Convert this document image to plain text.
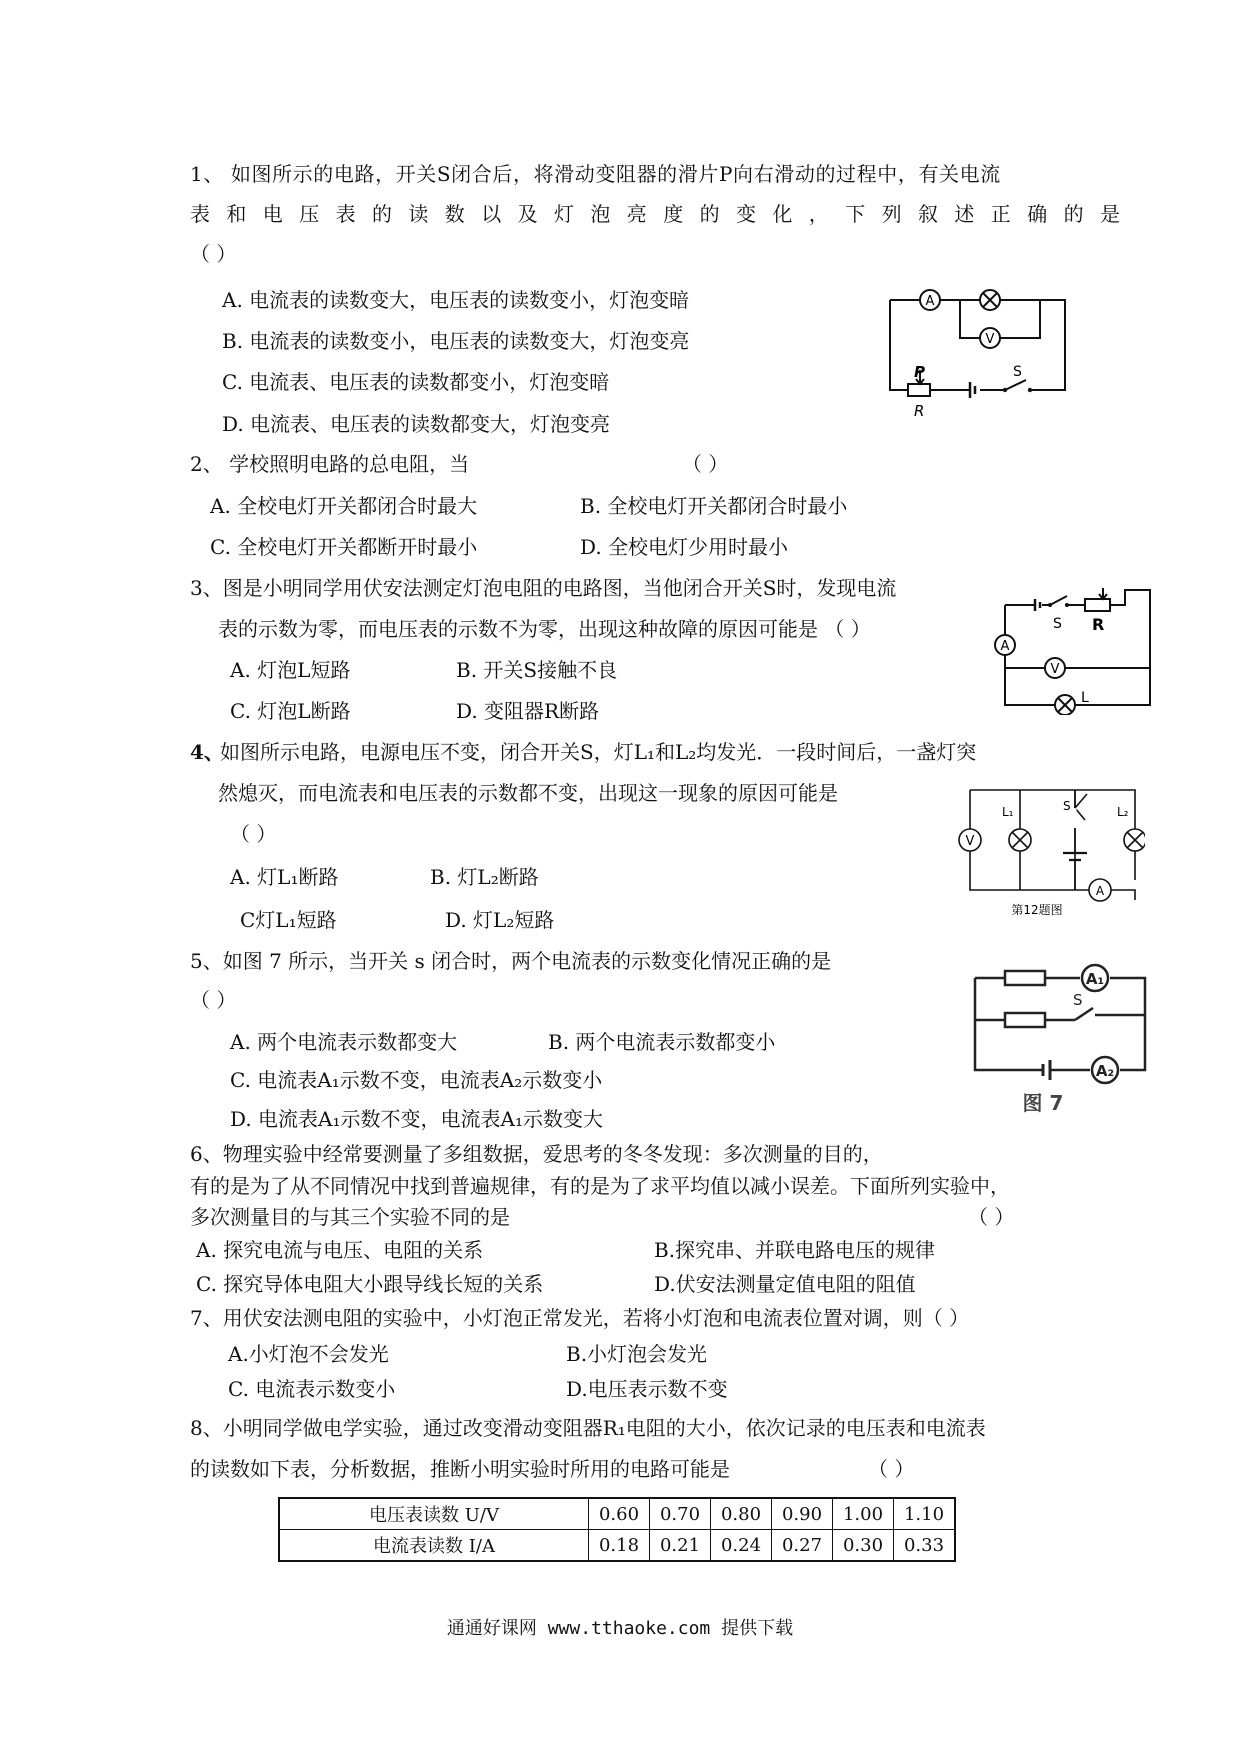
1、 如图所示的电路，开关S闭合后，将滑动变阻器的滑片P向右滑动的过程中，有关电流
表和电压表的读数以及灯泡亮度的变化，下列叙述正确的是
（ ）
A. 电流表的读数变大，电压表的读数变小，灯泡变暗
B. 电流表的读数变小，电压表的读数变大，灯泡变亮
C. 电流表、电压表的读数都变小，灯泡变暗
D. 电流表、电压表的读数都变大，灯泡变亮
A
V
P
R
S
2、 学校照明电路的总电阻，当	（ ）
A. 全校电灯开关都闭合时最大	B. 全校电灯开关都闭合时最小
C. 全校电灯开关都断开时最小	D. 全校电灯少用时最小
3、图是小明同学用伏安法测定灯泡电阻的电路图，当他闭合开关S时，发现电流
表的示数为零，而电压表的示数不为零，出现这种故障的原因可能是 （ ）
A. 灯泡L短路	B. 开关S接触不良
C. 灯泡L断路	D. 变阻器R断路
A
V
S R
L
4、
如图所示电路，电源电压不变，闭合开关S，灯L₁和L₂均发光．一段时间后，一盏灯突
然熄灭，而电流表和电压表的示数都不变，出现这一现象的原因可能是
（ ）
A. 灯L₁断路	B. 灯L₂断路
C灯L₁短路	D. 灯L₂短路
V
L₁	S	L₂
A
第12题图
5、如图 7 所示，当开关 s 闭合时，两个电流表的示数变化情况正确的是
（ ）
A. 两个电流表示数都变大	B. 两个电流表示数都变小
C. 电流表A₁示数不变，电流表A₂示数变小
D. 电流表A₁示数不变，电流表A₁示数变大
A₁
S
A₂
图 7
6、物理实验中经常要测量了多组数据，爱思考的冬冬发现：多次测量的目的，
有的是为了从不同情况中找到普遍规律，有的是为了求平均值以减小误差。下面所列实验中，
多次测量目的与其三个实验不同的是	（ ）
A. 探究电流与电压、电阻的关系	B.探究串、并联电路电压的规律
C. 探究导体电阻大小跟导线长短的关系	D.伏安法测量定值电阻的阻值
7、用伏安法测电阻的实验中，小灯泡正常发光，若将小灯泡和电流表位置对调，则（ ）
A.小灯泡不会发光	B.小灯泡会发光
C. 电流表示数变小	D.电压表示数不变
8、小明同学做电学实验，通过改变滑动变阻器R₁电阻的大小，依次记录的电压表和电流表
的读数如下表，分析数据，推断小明实验时所用的电路可能是	（ ）
电压表读数 U/V	0.60	0.70	0.80	0.90	1.00	1.10
电流表读数 I/A	0.18	0.21	0.24	0.27	0.30	0.33
通通好课网 www.tthaoke.com 提供下载
